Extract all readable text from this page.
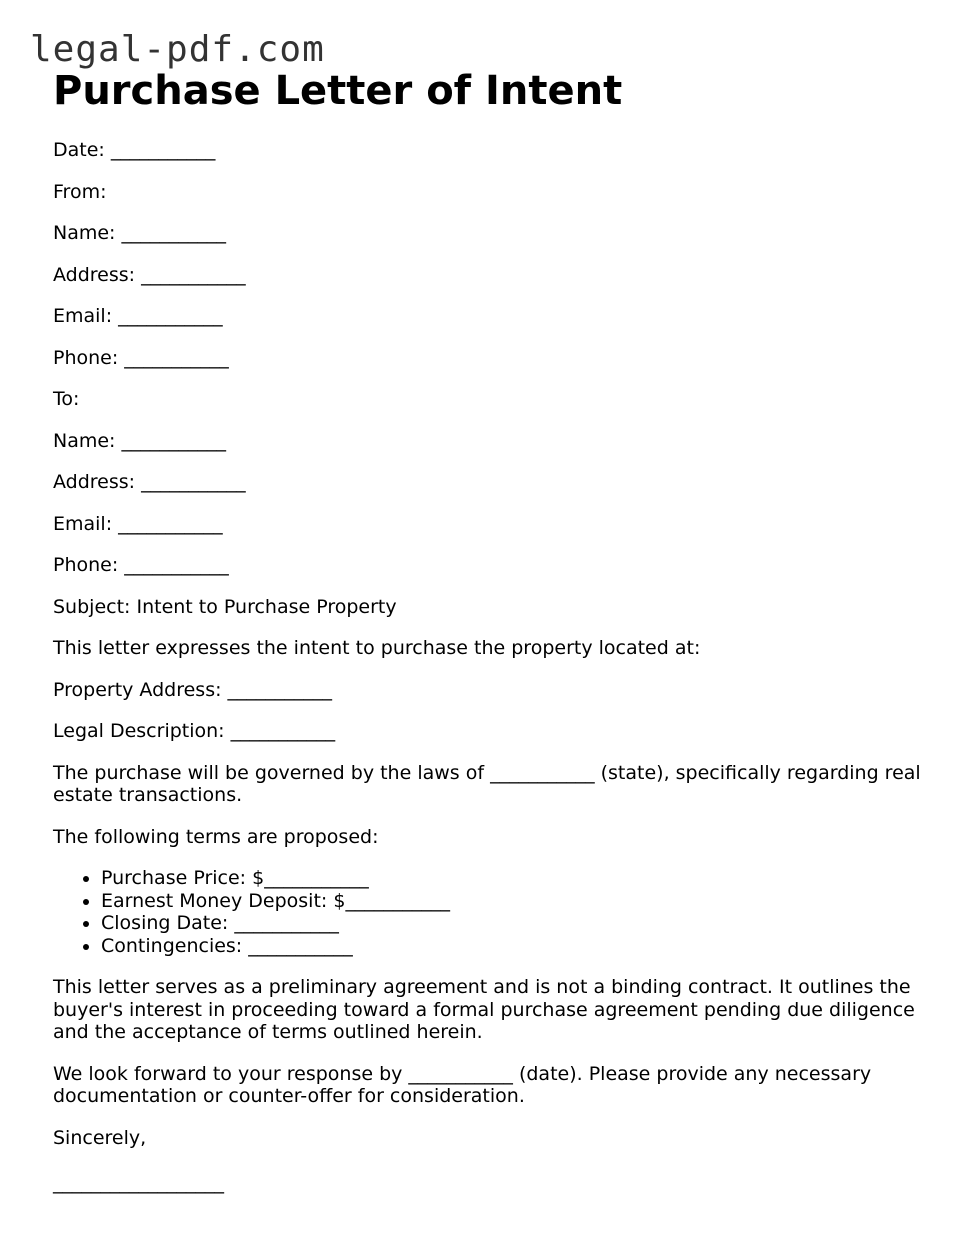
legal-pdf.com
Purchase Letter of Intent

Date: ___________

From:

Name: ___________

Address: ___________

Email: ___________

Phone: ___________

To:

Name: ___________

Address: ___________

Email: ___________

Phone: ___________

Subject: Intent to Purchase Property

This letter expresses the intent to purchase the property located at:

Property Address: ___________

Legal Description: ___________

The purchase will be governed by the laws of ___________ (state), specifically regarding real estate transactions.

The following terms are proposed:

• Purchase Price: $___________
• Earnest Money Deposit: $___________
• Closing Date: ___________
• Contingencies: ___________

This letter serves as a preliminary agreement and is not a binding contract. It outlines the buyer's interest in proceeding toward a formal purchase agreement pending due diligence and the acceptance of terms outlined herein.

We look forward to your response by ___________ (date). Please provide any necessary documentation or counter-offer for consideration.

Sincerely,

__________________
